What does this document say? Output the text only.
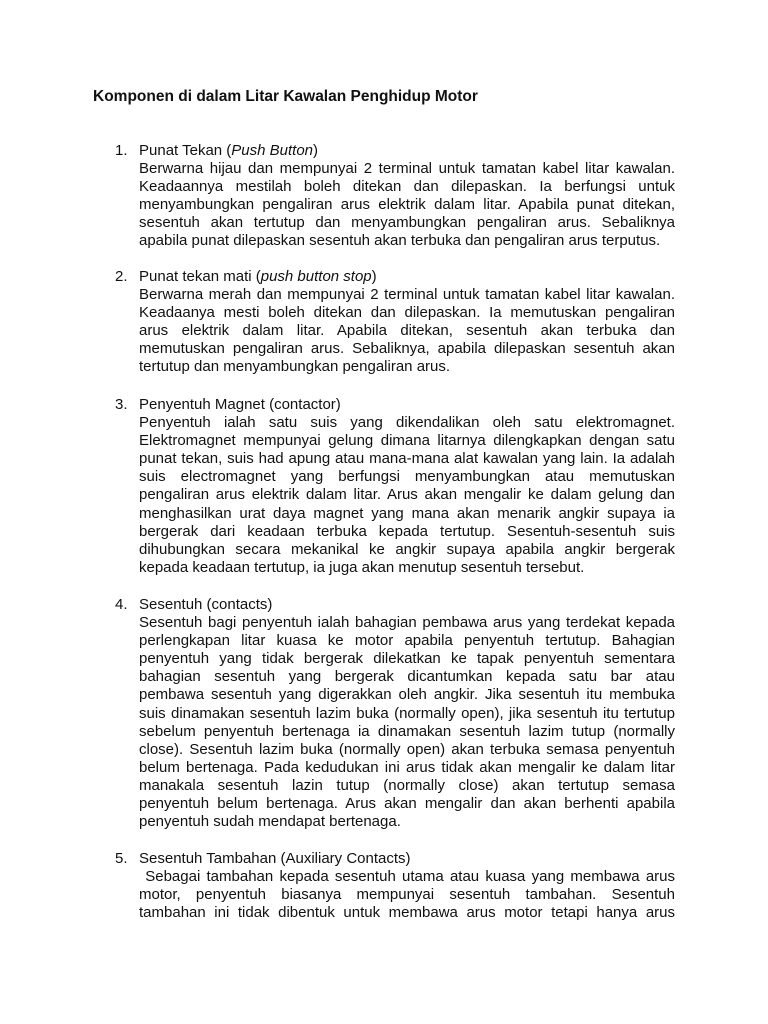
Komponen di dalam Litar Kawalan Penghidup Motor
1. Punat Tekan (Push Button)
Berwarna hijau dan mempunyai 2 terminal untuk tamatan kabel litar kawalan.
Keadaannya mestilah boleh ditekan dan dilepaskan. Ia berfungsi untuk
menyambungkan pengaliran arus elektrik dalam litar. Apabila punat ditekan,
sesentuh akan tertutup dan menyambungkan pengaliran arus. Sebaliknya
apabila punat dilepaskan sesentuh akan terbuka dan pengaliran arus terputus.
2. Punat tekan mati (push button stop)
Berwarna merah dan mempunyai 2 terminal untuk tamatan kabel litar kawalan.
Keadaanya mesti boleh ditekan dan dilepaskan. Ia memutuskan pengaliran
arus elektrik dalam litar. Apabila ditekan, sesentuh akan terbuka dan
memutuskan pengaliran arus. Sebaliknya, apabila dilepaskan sesentuh akan
tertutup dan menyambungkan pengaliran arus.
3. Penyentuh Magnet (contactor)
Penyentuh ialah satu suis yang dikendalikan oleh satu elektromagnet.
Elektromagnet mempunyai gelung dimana litarnya dilengkapkan dengan satu
punat tekan, suis had apung atau mana-mana alat kawalan yang lain. Ia adalah
suis electromagnet yang berfungsi menyambungkan atau memutuskan
pengaliran arus elektrik dalam litar. Arus akan mengalir ke dalam gelung dan
menghasilkan urat daya magnet yang mana akan menarik angkir supaya ia
bergerak dari keadaan terbuka kepada tertutup. Sesentuh-sesentuh suis
dihubungkan secara mekanikal ke angkir supaya apabila angkir bergerak
kepada keadaan tertutup, ia juga akan menutup sesentuh tersebut.
4. Sesentuh (contacts)
Sesentuh bagi penyentuh ialah bahagian pembawa arus yang terdekat kepada
perlengkapan litar kuasa ke motor apabila penyentuh tertutup. Bahagian
penyentuh yang tidak bergerak dilekatkan ke tapak penyentuh sementara
bahagian sesentuh yang bergerak dicantumkan kepada satu bar atau
pembawa sesentuh yang digerakkan oleh angkir. Jika sesentuh itu membuka
suis dinamakan sesentuh lazim buka (normally open), jika sesentuh itu tertutup
sebelum penyentuh bertenaga ia dinamakan sesentuh lazim tutup (normally
close). Sesentuh lazim buka (normally open) akan terbuka semasa penyentuh
belum bertenaga. Pada kedudukan ini arus tidak akan mengalir ke dalam litar
manakala sesentuh lazin tutup (normally close) akan tertutup semasa
penyentuh belum bertenaga. Arus akan mengalir dan akan berhenti apabila
penyentuh sudah mendapat bertenaga.
5. Sesentuh Tambahan (Auxiliary Contacts)
Sebagai tambahan kepada sesentuh utama atau kuasa yang membawa arus
motor, penyentuh biasanya mempunyai sesentuh tambahan. Sesentuh
tambahan ini tidak dibentuk untuk membawa arus motor tetapi hanya arus
